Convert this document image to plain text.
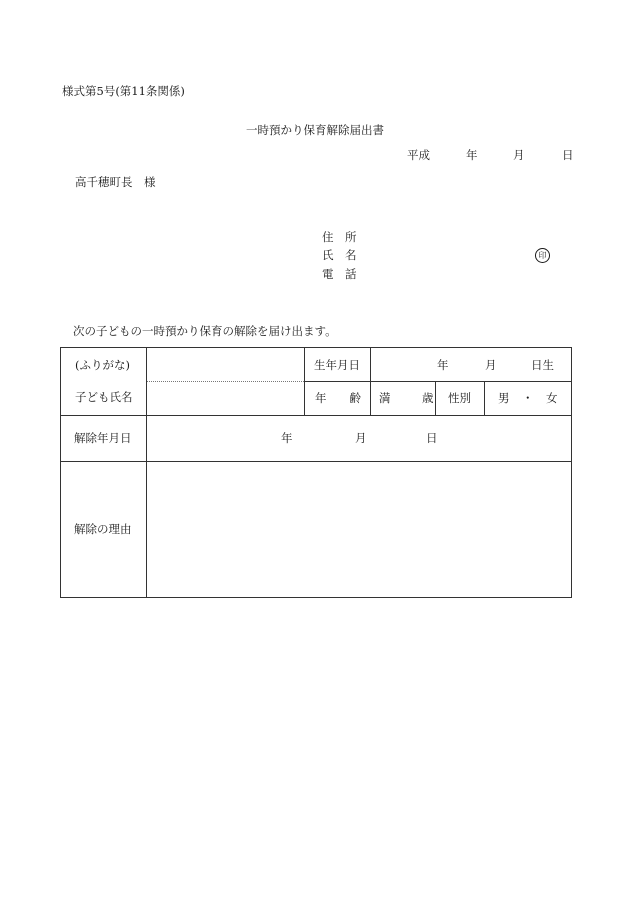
様式第5号(第11条関係)
一時預かり保育解除届出書
平成	年	月	日
高千穂町長　様
住　所
氏　名
電　話
印
次の子どもの一時預かり保育の解除を届け出ます。
(ふりがな)
子ども氏名
生年月日	年	月	日生
年　　齢 満	歳 性別 男 ・ 女
解除年月日	年	月	日
解除の理由
